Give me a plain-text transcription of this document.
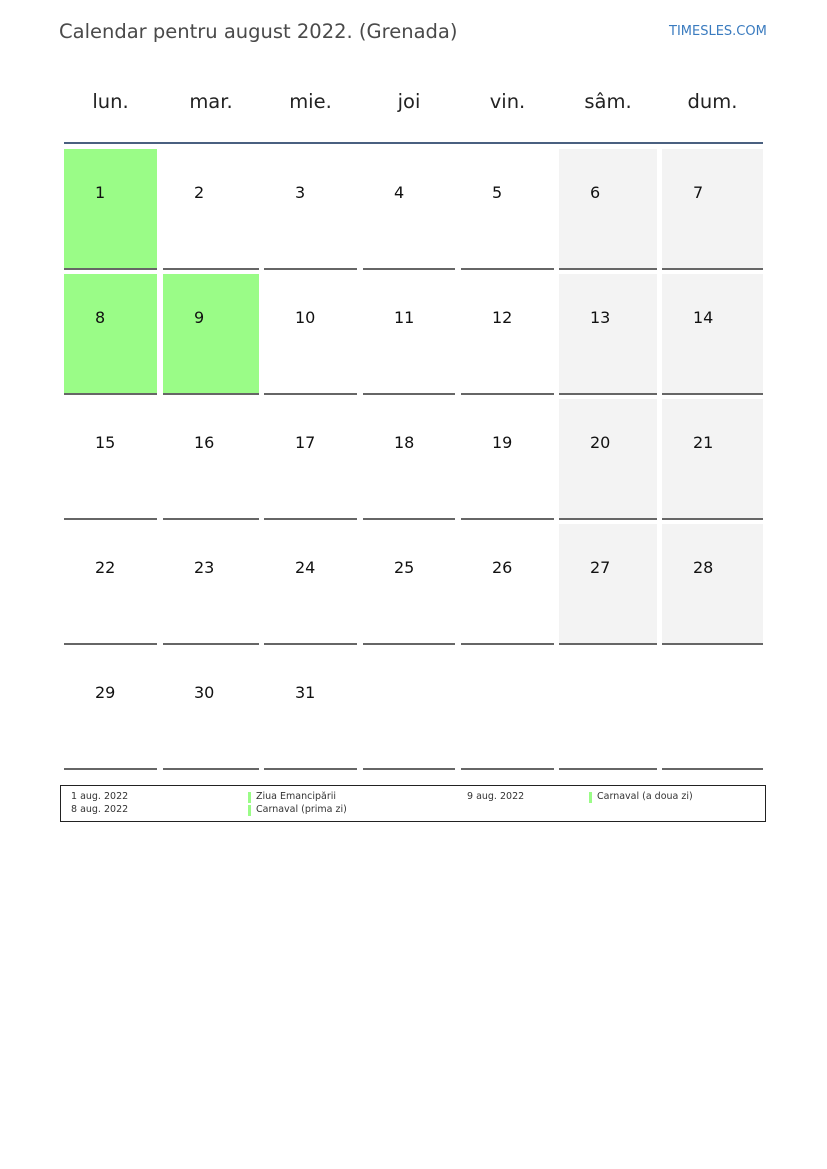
Calendar pentru august 2022. (Grenada)	TIMESLES.COM
lun.	mar.	mie.	joi	vin.	sâm.	dum.
1	2	3	4	5	6	7
8	9	10	11	12	13	14
15	16	17	18	19	20	21
22	23	24	25	26	27	28
29	30	31
1 aug. 2022	Ziua Emancipării
8 aug. 2022	Carnaval (prima zi)
9 aug. 2022	Carnaval (a doua zi)
